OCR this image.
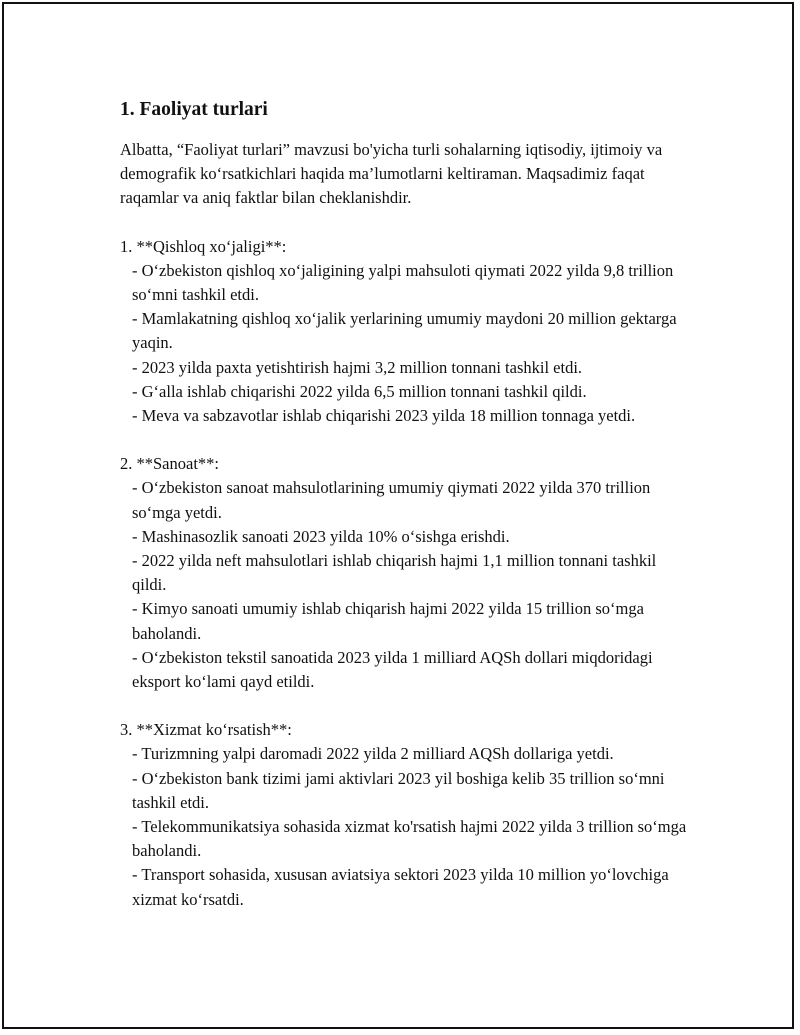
1. Faoliyat turlari

Albatta, “Faoliyat turlari” mavzusi bo'yicha turli sohalarning iqtisodiy, ijtimoiy va demografik ko‘rsatkichlari haqida ma’lumotlarni keltiraman. Maqsadimiz faqat raqamlar va aniq faktlar bilan cheklanishdir.

1. **Qishloq xo‘jaligi**:

- O‘zbekiston qishloq xo‘jaligining yalpi mahsuloti qiymati 2022 yilda 9,8 trillion so‘mni tashkil etdi.
- Mamlakatning qishloq xo‘jalik yerlarining umumiy maydoni 20 million gektarga yaqin.
- 2023 yilda paxta yetishtirish hajmi 3,2 million tonnani tashkil etdi.
- G‘alla ishlab chiqarishi 2022 yilda 6,5 million tonnani tashkil qildi.
- Meva va sabzavotlar ishlab chiqarishi 2023 yilda 18 million tonnaga yetdi.

2. **Sanoat**:

- O‘zbekiston sanoat mahsulotlarining umumiy qiymati 2022 yilda 370 trillion so‘mga yetdi.
- Mashinasozlik sanoati 2023 yilda 10% o‘sishga erishdi.
- 2022 yilda neft mahsulotlari ishlab chiqarish hajmi 1,1 million tonnani tashkil qildi.
- Kimyo sanoati umumiy ishlab chiqarish hajmi 2022 yilda 15 trillion so‘mga baholandi.
- O‘zbekiston tekstil sanoatida 2023 yilda 1 milliard AQSh dollari miqdoridagi eksport ko‘lami qayd etildi.

3. **Xizmat ko‘rsatish**:

- Turizmning yalpi daromadi 2022 yilda 2 milliard AQSh dollariga yetdi.
- O‘zbekiston bank tizimi jami aktivlari 2023 yil boshiga kelib 35 trillion so‘mni tashkil etdi.
- Telekommunikatsiya sohasida xizmat ko'rsatish hajmi 2022 yilda 3 trillion so‘mga baholandi.
- Transport sohasida, xususan aviatsiya sektori 2023 yilda 10 million yo‘lovchiga xizmat ko‘rsatdi.
